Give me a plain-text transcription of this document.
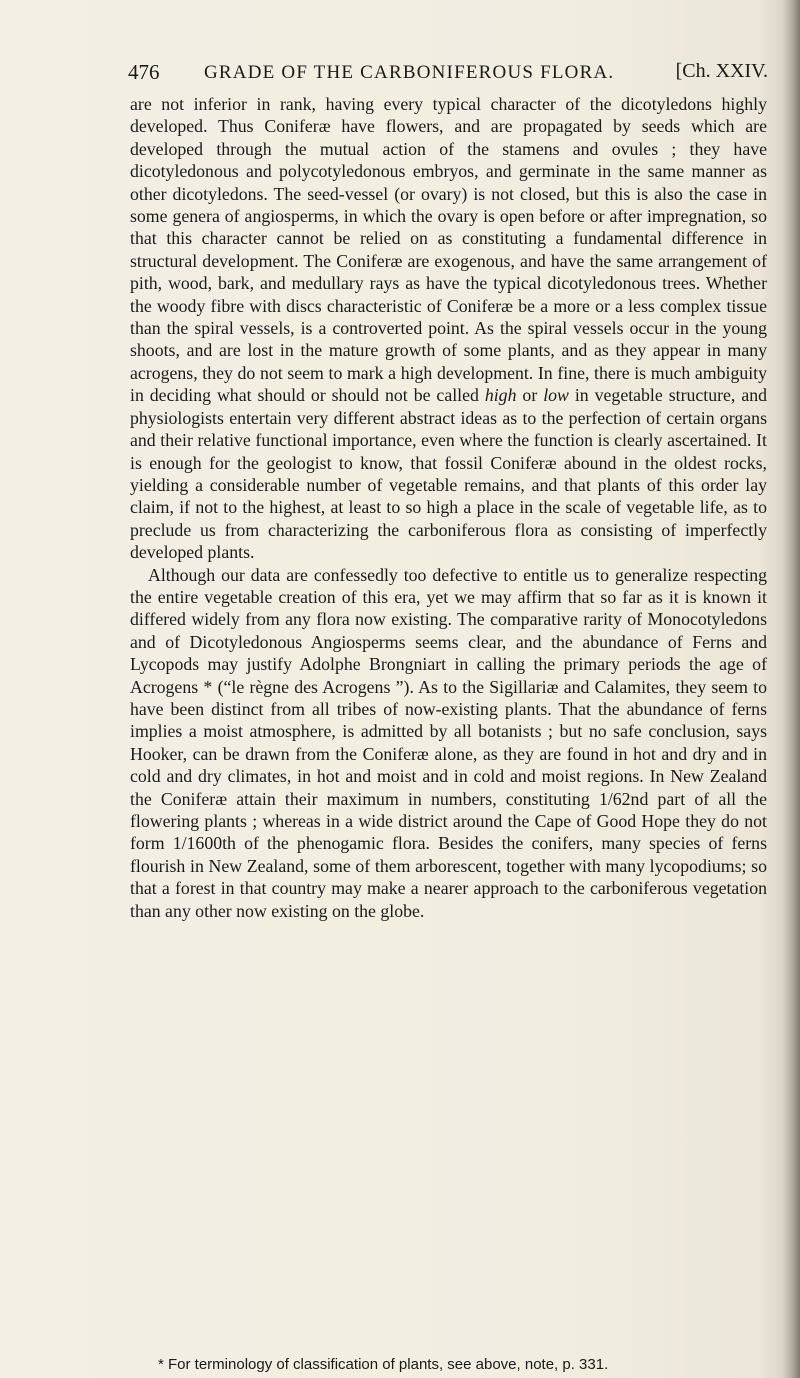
476 GRADE OF THE CARBONIFEROUS FLORA.	[Ch. XXIV.

are not inferior in rank, having every typical character of the dicotyledons highly developed. Thus Coniferæ have flowers, and are propagated by seeds which are developed through the mutual action of the stamens and ovules ; they have dicotyledonous and polycotyledonous embryos, and germinate in the same manner as other dicotyledons. The seed-vessel (or ovary) is not closed, but this is also the case in some genera of angiosperms, in which the ovary is open before or after impregnation, so that this character cannot be relied on as constituting a fundamental difference in structural development. The Coniferæ are exogenous, and have the same arrangement of pith, wood, bark, and medullary rays as have the typical dicotyledonous trees. Whether the woody fibre with discs characteristic of Coniferæ be a more or a less complex tissue than the spiral vessels, is a controverted point. As the spiral vessels occur in the young shoots, and are lost in the mature growth of some plants, and as they appear in many acrogens, they do not seem to mark a high development. In fine, there is much ambiguity in deciding what should or should not be called high or low in vegetable structure, and physiologists entertain very different abstract ideas as to the perfection of certain organs and their relative functional importance, even where the function is clearly ascertained. It is enough for the geologist to know, that fossil Coniferæ abound in the oldest rocks, yielding a considerable number of vegetable remains, and that plants of this order lay claim, if not to the highest, at least to so high a place in the scale of vegetable life, as to preclude us from characterizing the carboniferous flora as consisting of imperfectly developed plants.

Although our data are confessedly too defective to entitle us to generalize respecting the entire vegetable creation of this era, yet we may affirm that so far as it is known it differed widely from any flora now existing. The comparative rarity of Monocotyledons and of Dicotyledonous Angiosperms seems clear, and the abundance of Ferns and Lycopods may justify Adolphe Brongniart in calling the primary periods the age of Acrogens * (“le règne des Acrogens ”). As to the Sigillariæ and Calamites, they seem to have been distinct from all tribes of now-existing plants. That the abundance of ferns implies a moist atmosphere, is admitted by all botanists ; but no safe conclusion, says Hooker, can be drawn from the Coniferæ alone, as they are found in hot and dry and in cold and dry climates, in hot and moist and in cold and moist regions. In New Zealand the Coniferæ attain their maximum in numbers, constituting 1/62nd part of all the flowering plants ; whereas in a wide district around the Cape of Good Hope they do not form 1/1600th of the phenogamic flora. Besides the conifers, many species of ferns flourish in New Zealand, some of them arborescent, together with many lycopodiums; so that a forest in that country may make a nearer approach to the carboniferous vegetation than any other now existing on the globe.

* For terminology of classification of plants, see above, note, p. 331.
